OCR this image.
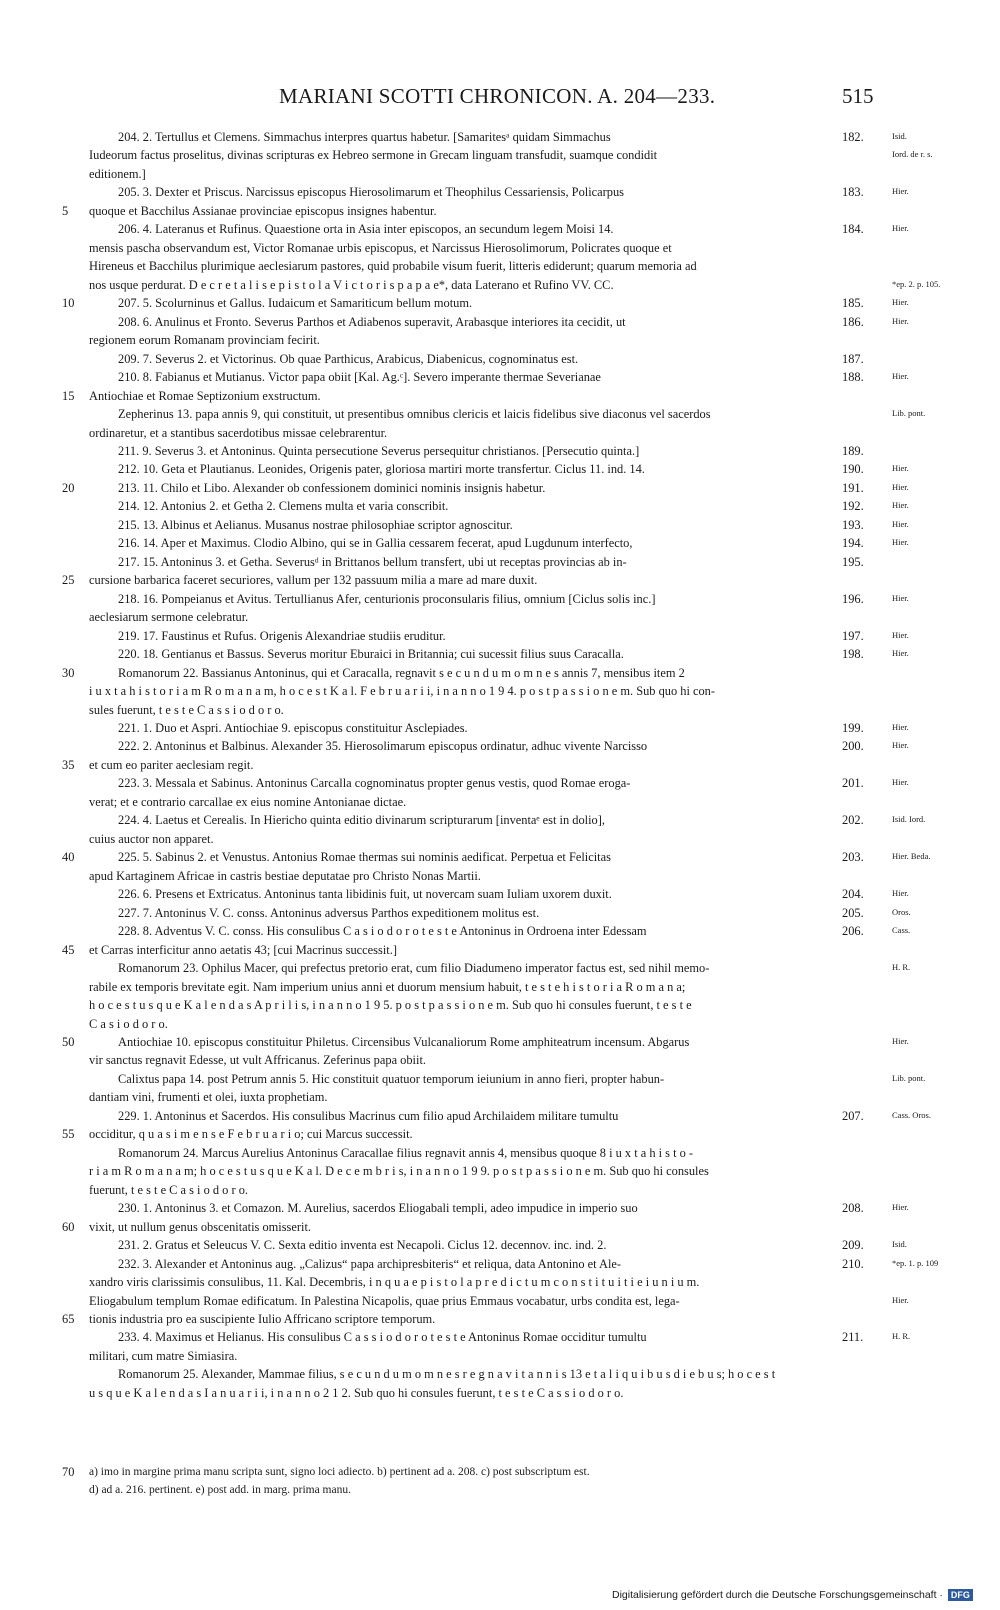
MARIANI SCOTTI CHRONICON. A. 204—233.	515
204. 2. Tertullus et Clemens. Simmachus interpres quartus habetur. [Samaritesᵃ quidam Simmachus	182.	Isid.
Iudeorum factus proselitus, divinas scripturas ex Hebreo sermone in Grecam linguam transfudit, suamque condidit	Iord. de r. s.
editionem.]
205. 3. Dexter et Priscus. Narcissus episcopus Hierosolimarum et Theophilus Cessariensis, Policarpus	183.	Hier.
5 quoque et Bacchilus Assianae provinciae episcopus insignes habentur.
206. 4. Lateranus et Rufinus. Quaestione orta in Asia inter episcopos, an secundum legem Moisi 14.	184.	Hier.
mensis pascha observandum est, Victor Romanae urbis episcopus, et Narcissus Hierosolimorum, Policrates quoque et
Hireneus et Bacchilus plurimique aeclesiarum pastores, quid probabile visum fuerit, litteris ediderunt; quarum memoria ad
nos usque perdurat. D e c r e t a l i s e p i s t o l a V i c t o r i s p a p a e*, data Laterano et Rufino VV. CC.	*ep. 2. p. 105.
10	207. 5. Scolurninus et Gallus. Iudaicum et Samariticum bellum motum.	185.	Hier.
208. 6. Anulinus et Fronto. Severus Parthos et Adiabenos superavit, Arabasque interiores ita cecidit, ut	186.	Hier.
regionem eorum Romanam provinciam fecirit.
209. 7. Severus 2. et Victorinus. Ob quae Parthicus, Arabicus, Diabenicus, cognominatus est.	187.
210. 8. Fabianus et Mutianus. Victor papa obiit [Kal. Ag.ᶜ]. Severo imperante thermae Severianae	188.	Hier.
15 Antiochiae et Romae Septizonium exstructum.
Zepherinus 13. papa annis 9, qui constituit, ut presentibus omnibus clericis et laicis fidelibus sive diaconus vel sacerdos	Lib. pont.
ordinaretur, et a stantibus sacerdotibus missae celebrarentur.
211. 9. Severus 3. et Antoninus. Quinta persecutione Severus persequitur christianos. [Persecutio quinta.]	189.
212. 10. Geta et Plautianus. Leonides, Origenis pater, gloriosa martiri morte transfertur. Ciclus 11. ind. 14.	190.	Hier.
20	213. 11. Chilo et Libo. Alexander ob confessionem dominici nominis insignis habetur.	191.	Hier.
214. 12. Antonius 2. et Getha 2. Clemens multa et varia conscribit.	192.	Hier.
215. 13. Albinus et Aelianus. Musanus nostrae philosophiae scriptor agnoscitur.	193.	Hier.
216. 14. Aper et Maximus. Clodio Albino, qui se in Gallia cessarem fecerat, apud Lugdunum interfecto,	194.	Hier.
217. 15. Antoninus 3. et Getha. Severusᵈ in Brittanos bellum transfert, ubi ut receptas provincias ab in-	195.
25 cursione barbarica faceret securiores, vallum per 132 passuum milia a mare ad mare duxit.
218. 16. Pompeianus et Avitus. Tertullianus Afer, centurionis proconsularis filius, omnium [Ciclus solis inc.]	196.	Hier.
aeclesiarum sermone celebratur.
219. 17. Faustinus et Rufus. Origenis Alexandriae studiis eruditur.	197.	Hier.
220. 18. Gentianus et Bassus. Severus moritur Eburaici in Britannia; cui sucessit filius suus Caracalla.	198.	Hier.
30	Romanorum 22. Bassianus Antoninus, qui et Caracalla, regnavit s e c u n d u m o m n e s annis 7, mensibus item 2
i u x t a h i s t o r i a m R o m a n a m, h o c e s t K a l. F e b r u a r i i, i n a n n o 1 9 4. p o s t p a s s i o n e m. Sub quo hi con-
sules fuerunt, t e s t e C a s s i o d o r o.
221. 1. Duo et Aspri. Antiochiae 9. episcopus constituitur Asclepiades.	199.	Hier.
222. 2. Antoninus et Balbinus. Alexander 35. Hierosolimarum episcopus ordinatur, adhuc vivente Narcisso	200.	Hier.
35 et cum eo pariter aeclesiam regit.
223. 3. Messala et Sabinus. Antoninus Carcalla cognominatus propter genus vestis, quod Romae eroga-	201.	Hier.
verat; et e contrario carcallae ex eius nomine Antonianae dictae.
224. 4. Laetus et Cerealis. In Hiericho quinta editio divinarum scripturarum [inventaᵉ est in dolio],	202.	Isid. Iord.
cuius auctor non apparet.
40	225. 5. Sabinus 2. et Venustus. Antonius Romae thermas sui nominis aedificat. Perpetua et Felicitas	203.	Hier. Beda.
apud Kartaginem Africae in castris bestiae deputatae pro Christo Nonas Martii.
226. 6. Presens et Extricatus. Antoninus tanta libidinis fuit, ut novercam suam Iuliam uxorem duxit.	204.	Hier.
227. 7. Antoninus V. C. conss. Antoninus adversus Parthos expeditionem molitus est.	205.	Oros.
228. 8. Adventus V. C. conss. His consulibus C a s i o d o r o t e s t e Antoninus in Ordroena inter Edessam	206.	Cass.
45 et Carras interficitur anno aetatis 43; [cui Macrinus successit.]
Romanorum 23. Ophilus Macer, qui prefectus pretorio erat, cum filio Diadumeno imperator factus est, sed nihil memo-	H. R.
rabile ex temporis brevitate egit. Nam imperium unius anni et duorum mensium habuit, t e s t e h i s t o r i a R o m a n a;
h o c e s t u s q u e K a l e n d a s A p r i l i s, i n a n n o 1 9 5. p o s t p a s s i o n e m. Sub quo hi consules fuerunt, t e s t e
C a s i o d o r o.
50	Antiochiae 10. episcopus constituitur Philetus. Circensibus Vulcanaliorum Rome amphiteatrum incensum. Abgarus	Hier.
vir sanctus regnavit Edesse, ut vult Affricanus. Zeferinus papa obiit.
Calixtus papa 14. post Petrum annis 5. Hic constituit quatuor temporum ieiunium in anno fieri, propter habun-	Lib. pont.
dantiam vini, frumenti et olei, iuxta prophetiam.
229. 1. Antoninus et Sacerdos. His consulibus Macrinus cum filio apud Archilaidem militare tumultu	207.	Cass. Oros.
55 occiditur, q u a s i m e n s e F e b r u a r i o; cui Marcus successit.
Romanorum 24. Marcus Aurelius Antoninus Caracallae filius regnavit annis 4, mensibus quoque 8 i u x t a h i s t o -
r i a m R o m a n a m; h o c e s t u s q u e K a l. D e c e m b r i s, i n a n n o 1 9 9. p o s t p a s s i o n e m. Sub quo hi consules
fuerunt, t e s t e C a s i o d o r o.
230. 1. Antoninus 3. et Comazon. M. Aurelius, sacerdos Eliogabali templi, adeo impudice in imperio suo	208.	Hier.
60 vixit, ut nullum genus obscenitatis omisserit.
231. 2. Gratus et Seleucus V. C. Sexta editio inventa est Necapoli. Ciclus 12. decennov. inc. ind. 2.	209.	Isid.
232. 3. Alexander et Antoninus aug. „Calizus“ papa archipresbiteris“ et reliqua, data Antonino et Ale-	210.	*ep. 1. p. 109
xandro viris clarissimis consulibus, 11. Kal. Decembris, i n q u a e p i s t o l a p r e d i c t u m c o n s t i t u i t i e i u n i u m.
Eliogabulum templum Romae edificatum. In Palestina Nicapolis, quae prius Emmaus vocabatur, urbs condita est, lega-	Hier.
65 tionis industria pro ea suscipiente Iulio Affricano scriptore temporum.
233. 4. Maximus et Helianus. His consulibus C a s s i o d o r o t e s t e Antoninus Romae occiditur tumultu	211.	H. R.
militari, cum matre Simiasira.
Romanorum 25. Alexander, Mammae filius, s e c u n d u m o m n e s r e g n a v i t a n n i s 13 e t a l i q u i b u s d i e b u s; h o c e s t
u s q u e K a l e n d a s I a n u a r i i, i n a n n o 2 1 2. Sub quo hi consules fuerunt, t e s t e C a s s i o d o r o.
70 a) imo in margine prima manu scripta sunt, signo loci adiecto. b) pertinent ad a. 208. c) post subscriptum est.
d) ad a. 216. pertinent. e) post add. in marg. prima manu.
Digitalisierung gefördert durch die Deutsche Forschungsgemeinschaft · DFG
